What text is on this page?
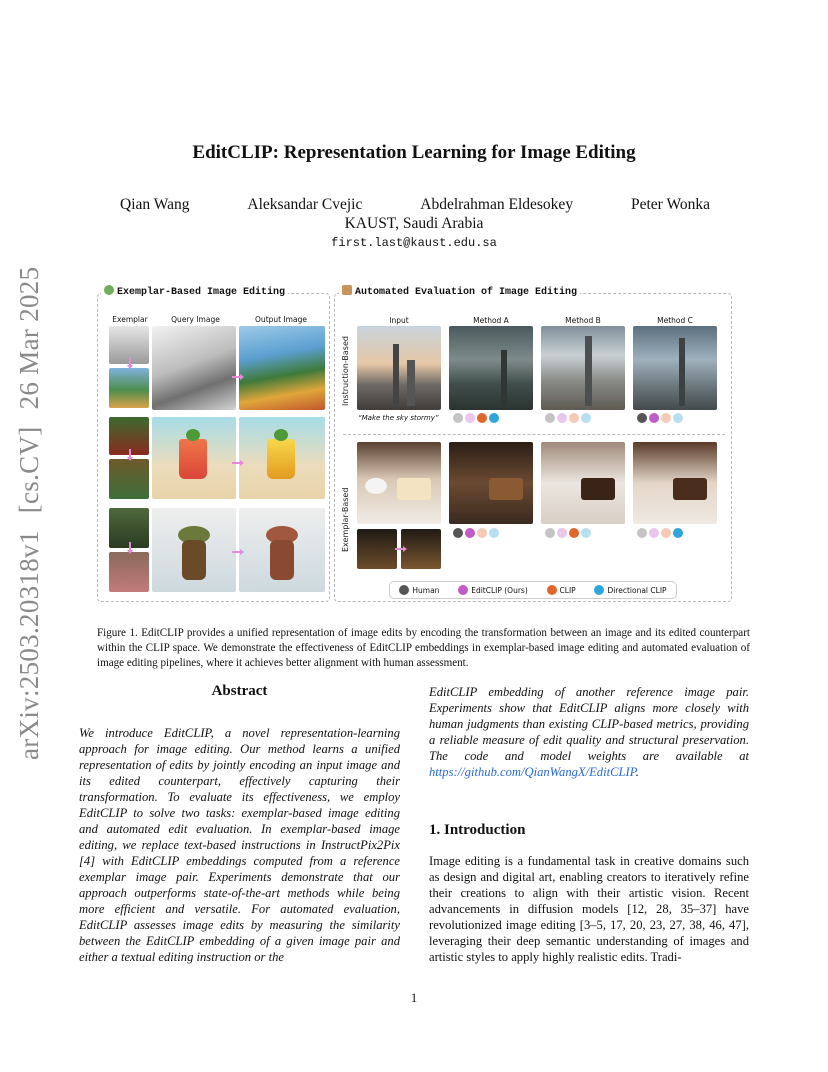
arXiv:2503.20318v1 [cs.CV] 26 Mar 2025
EditCLIP: Representation Learning for Image Editing
Qian Wang	Aleksandar Cvejic	Abdelrahman Eldesokey	Peter Wonka
KAUST, Saudi Arabia
first.last@kaust.edu.sa
Exemplar-Based Image Editing
Exemplar	Query Image	Output Image
Automated Evaluation of Image Editing
Input	Method A	Method B	Method C
Instruction-Based
Exemplar-Based
“Make the sky stormy”
Human	EditCLIP (Ours)	CLIP	Directional CLIP
Figure 1. EditCLIP provides a unified representation of image edits by encoding the transformation between an image and its edited counterpart within the CLIP space. We demonstrate the effectiveness of EditCLIP embeddings in exemplar-based image editing and automated evaluation of image editing pipelines, where it achieves better alignment with human assessment.
Abstract
We introduce EditCLIP, a novel representation-learning approach for image editing. Our method learns a unified representation of edits by jointly encoding an input image and its edited counterpart, effectively capturing their transformation. To evaluate its effectiveness, we employ EditCLIP to solve two tasks: exemplar-based image editing and automated edit evaluation. In exemplar-based image editing, we replace text-based instructions in InstructPix2Pix [4] with EditCLIP embeddings computed from a reference exemplar image pair. Experiments demonstrate that our approach outperforms state-of-the-art methods while being more efficient and versatile. For automated evaluation, EditCLIP assesses image edits by measuring the similarity between the EditCLIP embedding of a given image pair and either a textual editing instruction or the
EditCLIP embedding of another reference image pair. Experiments show that EditCLIP aligns more closely with human judgments than existing CLIP-based metrics, providing a reliable measure of edit quality and structural preservation. The code and model weights are available at https://github.com/QianWangX/EditCLIP.
1. Introduction
Image editing is a fundamental task in creative domains such as design and digital art, enabling creators to iteratively refine their creations to align with their artistic vision. Recent advancements in diffusion models [12, 28, 35–37] have revolutionized image editing [3–5, 17, 20, 23, 27, 38, 46, 47], leveraging their deep semantic understanding of images and artistic styles to apply highly realistic edits. Tradi-
1
